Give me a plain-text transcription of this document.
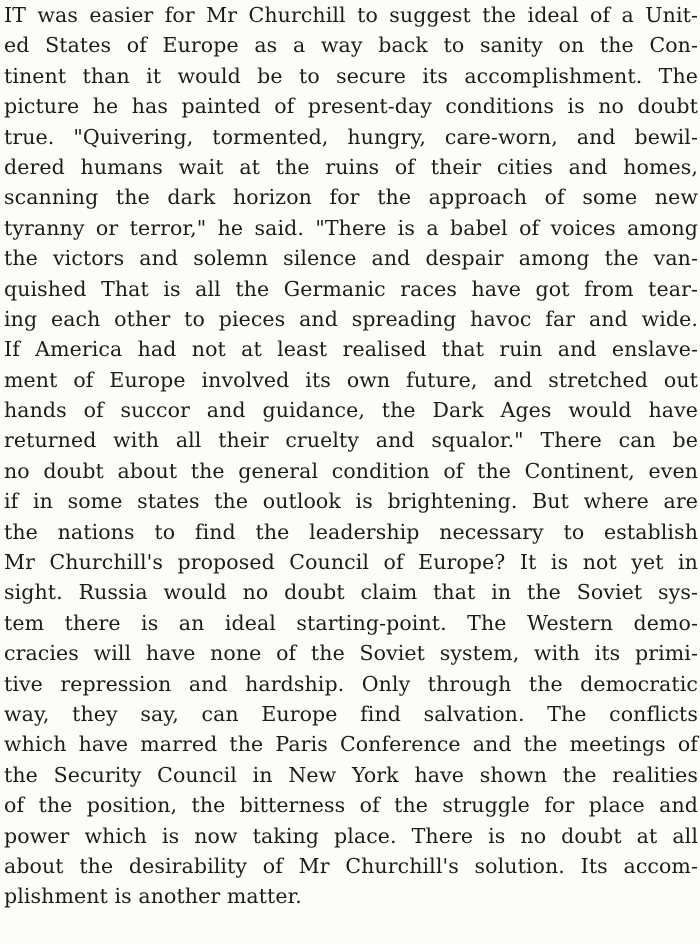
IT was easier for Mr Churchill to suggest the ideal of a Unit-
ed States of Europe as a way back to sanity on the Con-
tinent than it would be to secure its accomplishment. The
picture he has painted of present-day conditions is no doubt
true. "Quivering, tormented, hungry, care-worn, and bewil-
dered humans wait at the ruins of their cities and homes,
scanning the dark horizon for the approach of some new
tyranny or terror," he said. "There is a babel of voices among
the victors and solemn silence and despair among the van-
quished That is all the Germanic races have got from tear-
ing each other to pieces and spreading havoc far and wide.
If America had not at least realised that ruin and enslave-
ment of Europe involved its own future, and stretched out
hands of succor and guidance, the Dark Ages would have
returned with all their cruelty and squalor." There can be
no doubt about the general condition of the Continent, even
if in some states the outlook is brightening. But where are
the nations to find the leadership necessary to establish
Mr Churchill's proposed Council of Europe? It is not yet in
sight. Russia would no doubt claim that in the Soviet sys-
tem there is an ideal starting-point. The Western demo-
cracies will have none of the Soviet system, with its primi-
tive repression and hardship. Only through the democratic
way, they say, can Europe find salvation. The conflicts
which have marred the Paris Conference and the meetings of
the Security Council in New York have shown the realities
of the position, the bitterness of the struggle for place and
power which is now taking place. There is no doubt at all
about the desirability of Mr Churchill's solution. Its accom-
plishment is another matter.
